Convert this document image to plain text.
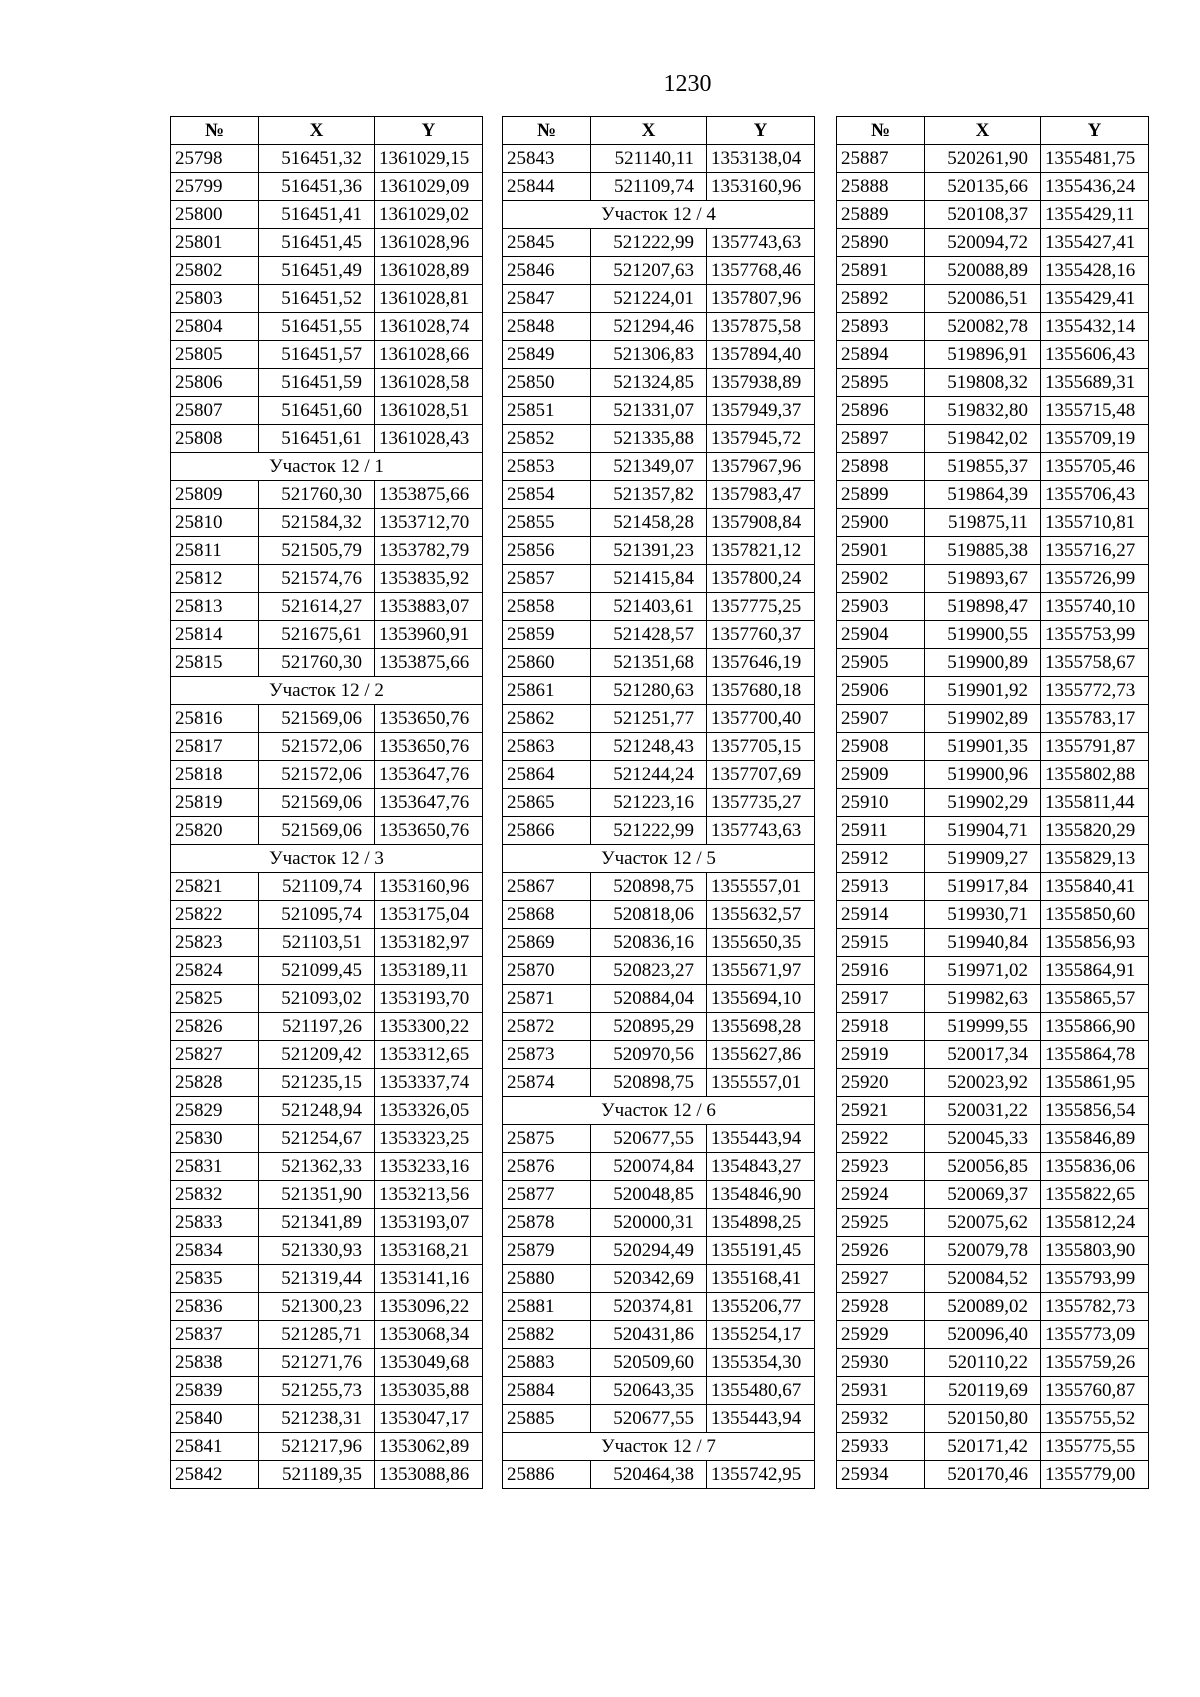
1230
№	X	Y
25798	516451,32	1361029,15
25799	516451,36	1361029,09
25800	516451,41	1361029,02
25801	516451,45	1361028,96
25802	516451,49	1361028,89
25803	516451,52	1361028,81
25804	516451,55	1361028,74
25805	516451,57	1361028,66
25806	516451,59	1361028,58
25807	516451,60	1361028,51
25808	516451,61	1361028,43
Участок 12 / 1		
25809	521760,30	1353875,66
25810	521584,32	1353712,70
25811	521505,79	1353782,79
25812	521574,76	1353835,92
25813	521614,27	1353883,07
25814	521675,61	1353960,91
25815	521760,30	1353875,66
Участок 12 / 2		
25816	521569,06	1353650,76
25817	521572,06	1353650,76
25818	521572,06	1353647,76
25819	521569,06	1353647,76
25820	521569,06	1353650,76
Участок 12 / 3		
25821	521109,74	1353160,96
25822	521095,74	1353175,04
25823	521103,51	1353182,97
25824	521099,45	1353189,11
25825	521093,02	1353193,70
25826	521197,26	1353300,22
25827	521209,42	1353312,65
25828	521235,15	1353337,74
25829	521248,94	1353326,05
25830	521254,67	1353323,25
25831	521362,33	1353233,16
25832	521351,90	1353213,56
25833	521341,89	1353193,07
25834	521330,93	1353168,21
25835	521319,44	1353141,16
25836	521300,23	1353096,22
25837	521285,71	1353068,34
25838	521271,76	1353049,68
25839	521255,73	1353035,88
25840	521238,31	1353047,17
25841	521217,96	1353062,89
25842	521189,35	1353088,86
№	X	Y
25843	521140,11	1353138,04
25844	521109,74	1353160,96
Участок 12 / 4		
25845	521222,99	1357743,63
25846	521207,63	1357768,46
25847	521224,01	1357807,96
25848	521294,46	1357875,58
25849	521306,83	1357894,40
25850	521324,85	1357938,89
25851	521331,07	1357949,37
25852	521335,88	1357945,72
25853	521349,07	1357967,96
25854	521357,82	1357983,47
25855	521458,28	1357908,84
25856	521391,23	1357821,12
25857	521415,84	1357800,24
25858	521403,61	1357775,25
25859	521428,57	1357760,37
25860	521351,68	1357646,19
25861	521280,63	1357680,18
25862	521251,77	1357700,40
25863	521248,43	1357705,15
25864	521244,24	1357707,69
25865	521223,16	1357735,27
25866	521222,99	1357743,63
Участок 12 / 5		
25867	520898,75	1355557,01
25868	520818,06	1355632,57
25869	520836,16	1355650,35
25870	520823,27	1355671,97
25871	520884,04	1355694,10
25872	520895,29	1355698,28
25873	520970,56	1355627,86
25874	520898,75	1355557,01
Участок 12 / 6		
25875	520677,55	1355443,94
25876	520074,84	1354843,27
25877	520048,85	1354846,90
25878	520000,31	1354898,25
25879	520294,49	1355191,45
25880	520342,69	1355168,41
25881	520374,81	1355206,77
25882	520431,86	1355254,17
25883	520509,60	1355354,30
25884	520643,35	1355480,67
25885	520677,55	1355443,94
Участок 12 / 7		
25886	520464,38	1355742,95
№	X	Y
25887	520261,90	1355481,75
25888	520135,66	1355436,24
25889	520108,37	1355429,11
25890	520094,72	1355427,41
25891	520088,89	1355428,16
25892	520086,51	1355429,41
25893	520082,78	1355432,14
25894	519896,91	1355606,43
25895	519808,32	1355689,31
25896	519832,80	1355715,48
25897	519842,02	1355709,19
25898	519855,37	1355705,46
25899	519864,39	1355706,43
25900	519875,11	1355710,81
25901	519885,38	1355716,27
25902	519893,67	1355726,99
25903	519898,47	1355740,10
25904	519900,55	1355753,99
25905	519900,89	1355758,67
25906	519901,92	1355772,73
25907	519902,89	1355783,17
25908	519901,35	1355791,87
25909	519900,96	1355802,88
25910	519902,29	1355811,44
25911	519904,71	1355820,29
25912	519909,27	1355829,13
25913	519917,84	1355840,41
25914	519930,71	1355850,60
25915	519940,84	1355856,93
25916	519971,02	1355864,91
25917	519982,63	1355865,57
25918	519999,55	1355866,90
25919	520017,34	1355864,78
25920	520023,92	1355861,95
25921	520031,22	1355856,54
25922	520045,33	1355846,89
25923	520056,85	1355836,06
25924	520069,37	1355822,65
25925	520075,62	1355812,24
25926	520079,78	1355803,90
25927	520084,52	1355793,99
25928	520089,02	1355782,73
25929	520096,40	1355773,09
25930	520110,22	1355759,26
25931	520119,69	1355760,87
25932	520150,80	1355755,52
25933	520171,42	1355775,55
25934	520170,46	1355779,00
